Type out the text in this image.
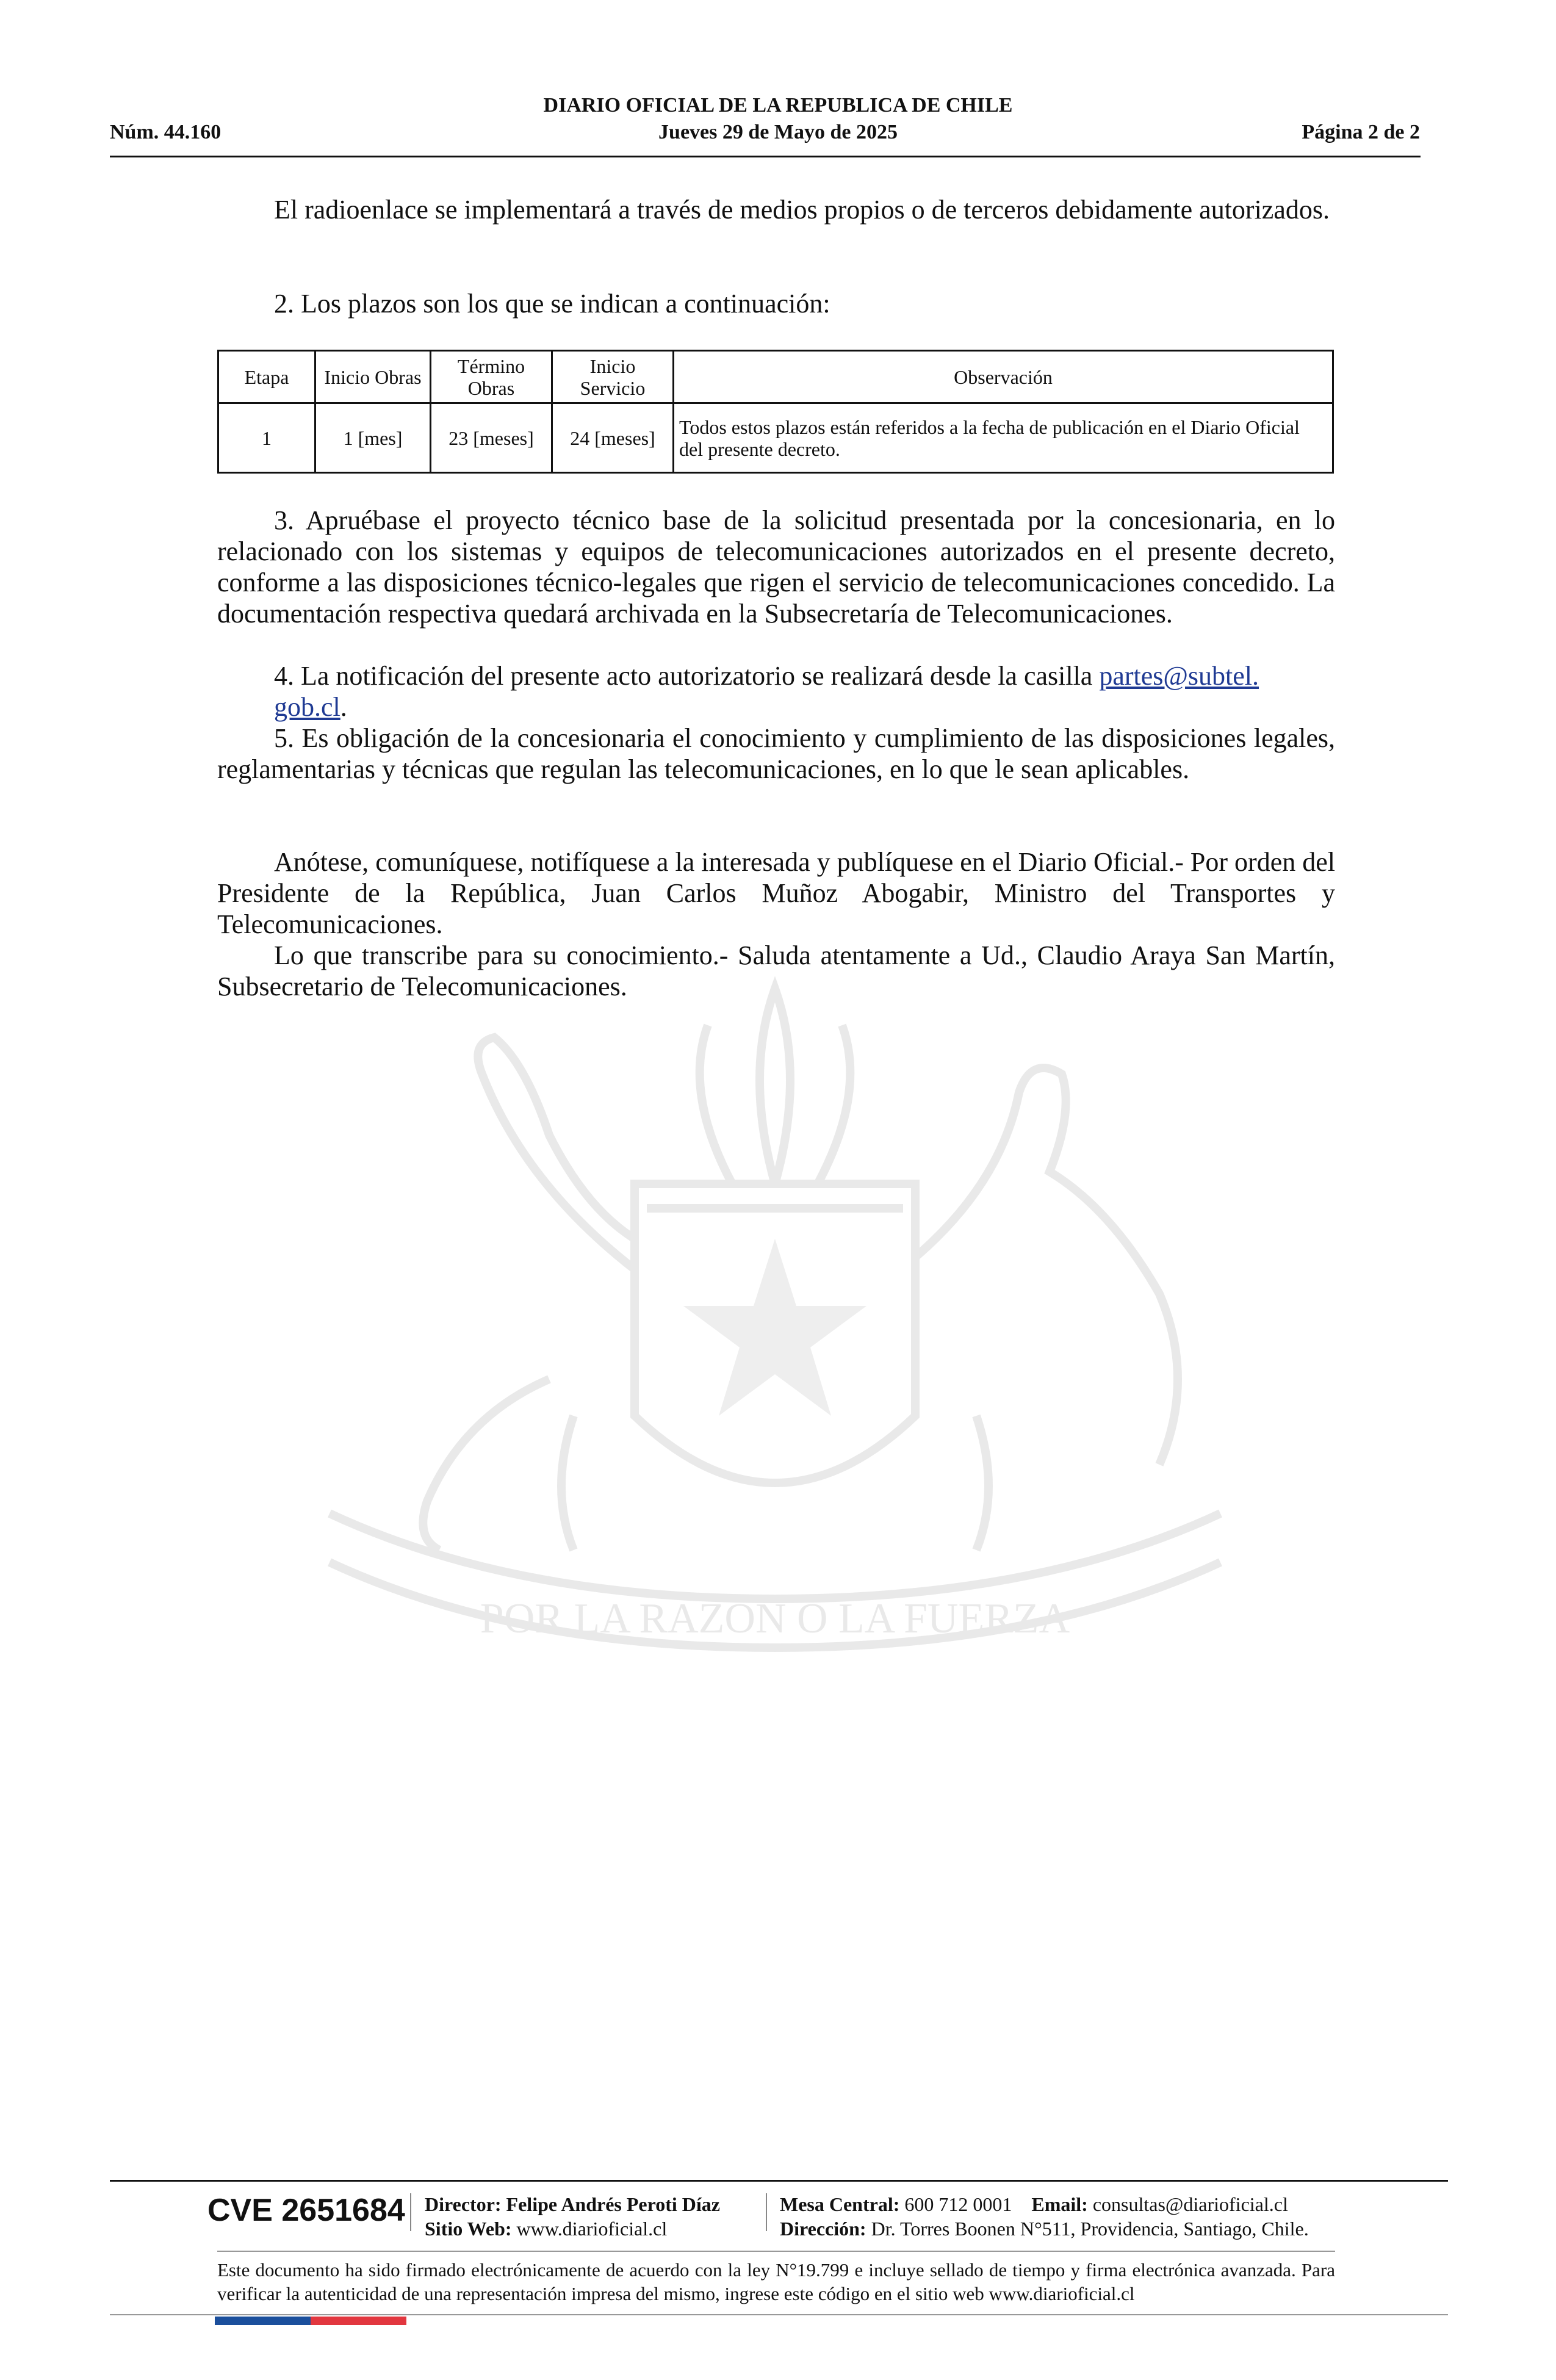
DIARIO OFICIAL DE LA REPUBLICA DE CHILE
Núm. 44.160	Jueves 29 de Mayo de 2025	Página 2 de 2
POR LA RAZON O LA FUERZA
El radioenlace se implementará a través de medios propios o de terceros debidamente autorizados.
2. Los plazos son los que se indican a continuación:
Etapa	Inicio Obras	Término Obras	Inicio Servicio	Observación
1	1 [mes]	23 [meses]	24 [meses]	Todos estos plazos están referidos a la fecha de publicación en el Diario Oficial del presente decreto.
3. Apruébase el proyecto técnico base de la solicitud presentada por la concesionaria, en lo relacionado con los sistemas y equipos de telecomunicaciones autorizados en el presente decreto, conforme a las disposiciones técnico-legales que rigen el servicio de telecomunicaciones concedido. La documentación respectiva quedará archivada en la Subsecretaría de Telecomunicaciones.
4. La notificación del presente acto autorizatorio se realizará desde la casilla partes@subtel.
gob.cl.
5. Es obligación de la concesionaria el conocimiento y cumplimiento de las disposiciones legales, reglamentarias y técnicas que regulan las telecomunicaciones, en lo que le sean aplicables.
Anótese, comuníquese, notifíquese a la interesada y publíquese en el Diario Oficial.- Por orden del Presidente de la República, Juan Carlos Muñoz Abogabir, Ministro del Transportes y Telecomunicaciones.
Lo que transcribe para su conocimiento.- Saluda atentamente a Ud., Claudio Araya San Martín, Subsecretario de Telecomunicaciones.
CVE 2651684 Director: Felipe Andrés Peroti Díaz
Sitio Web: www.diarioficial.cl
Mesa Central: 600 712 0001 Email: consultas@diarioficial.cl
Dirección: Dr. Torres Boonen N°511, Providencia, Santiago, Chile.
Este documento ha sido firmado electrónicamente de acuerdo con la ley N°19.799 e incluye sellado de tiempo y firma electrónica avanzada. Para verificar la autenticidad de una representación impresa del mismo, ingrese este código en el sitio web www.diarioficial.cl
